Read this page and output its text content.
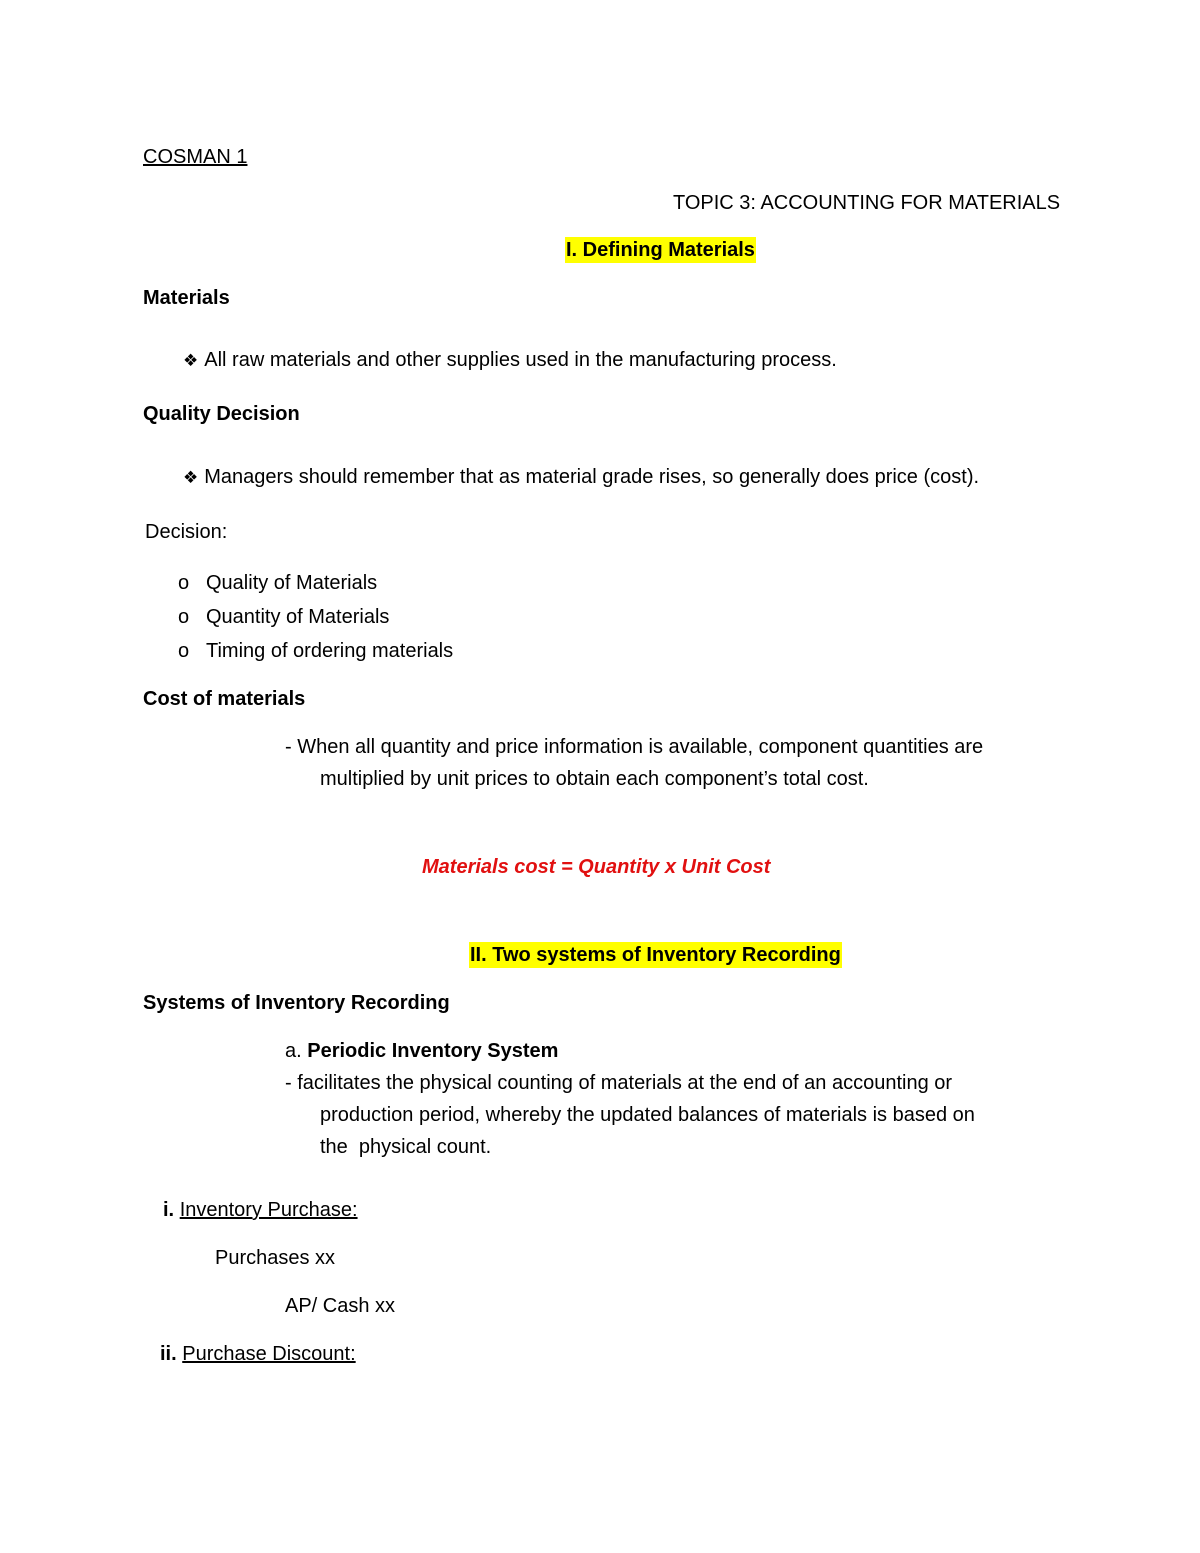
COSMAN 1
TOPIC 3: ACCOUNTING FOR MATERIALS
I. Defining Materials
Materials
❖ All raw materials and other supplies used in the manufacturing process.
Quality Decision
❖ Managers should remember that as material grade rises, so generally does price (cost).
Decision:
o Quality of Materials
o Quantity of Materials
o Timing of ordering materials
Cost of materials
- When all quantity and price information is available, component quantities are
multiplied by unit prices to obtain each component’s total cost.
Materials cost = Quantity x Unit Cost
II. Two systems of Inventory Recording
Systems of Inventory Recording
a. Periodic Inventory System
- facilitates the physical counting of materials at the end of an accounting or
production period, whereby the updated balances of materials is based on
the  physical count.
i. Inventory Purchase:
Purchases xx
AP/ Cash xx
ii. Purchase Discount:
